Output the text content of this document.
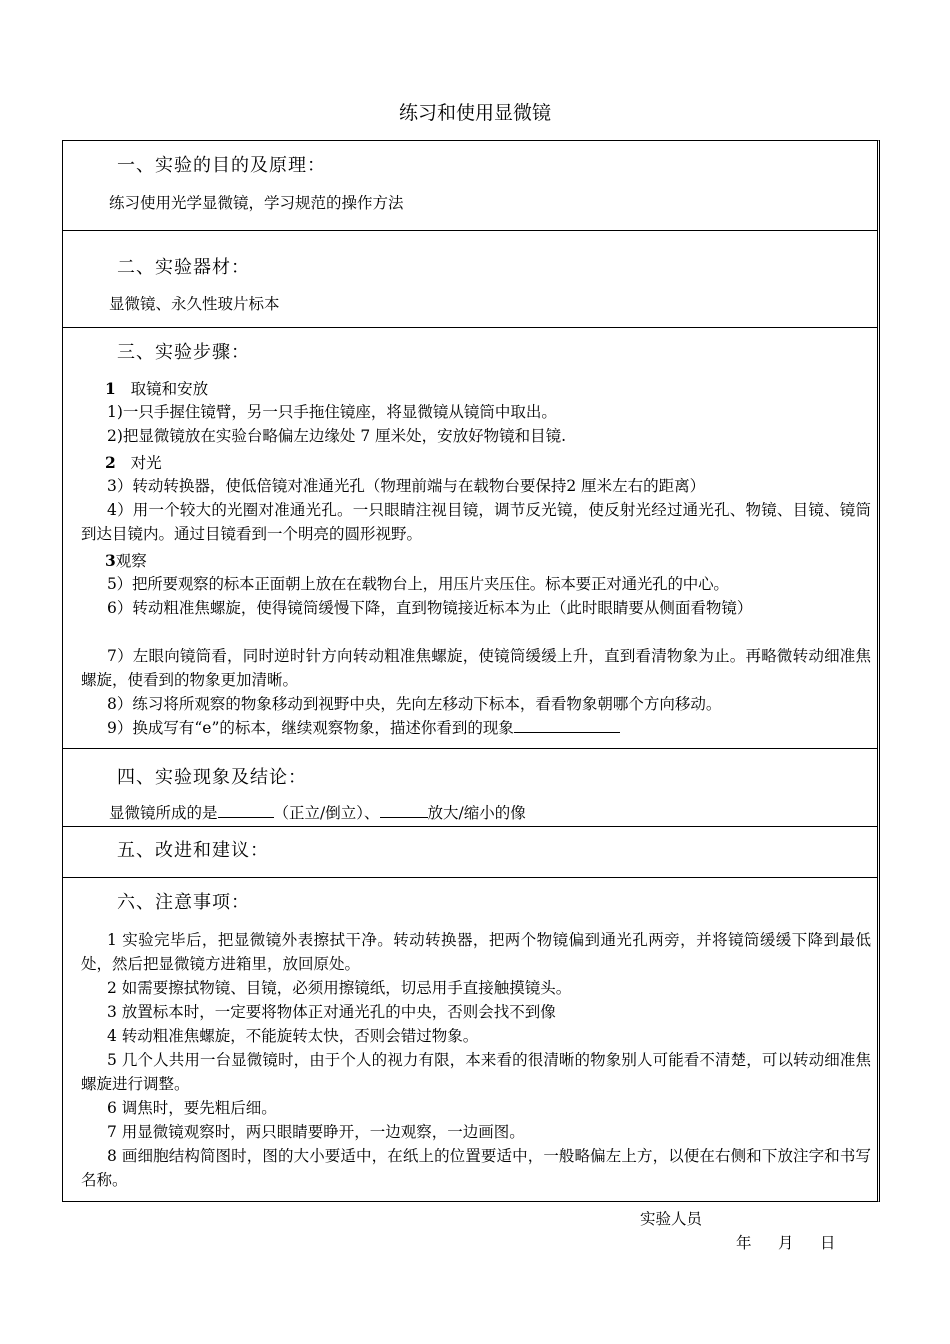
练习和使用显微镜
一、实验的目的及原理：
练习使用光学显微镜，学习规范的操作方法
二、实验器材：
显微镜、永久性玻片标本
三、实验步骤：
1 取镜和安放
1)一只手握住镜臂，另一只手拖住镜座，将显微镜从镜筒中取出。
2)把显微镜放在实验台略偏左边缘处 7 厘米处，安放好物镜和目镜.
2 对光
3）转动转换器，使低倍镜对准通光孔（物理前端与在载物台要保持2 厘米左右的距离）
4）用一个较大的光圈对准通光孔。一只眼睛注视目镜，调节反光镜，使反射光经过通光孔、物镜、目镜、镜筒到达目镜内。通过目镜看到一个明亮的圆形视野。
3观察
5）把所要观察的标本正面朝上放在在载物台上，用压片夹压住。标本要正对通光孔的中心。
6）转动粗准焦螺旋，使得镜筒缓慢下降，直到物镜接近标本为止（此时眼睛要从侧面看物镜）
7）左眼向镜筒看，同时逆时针方向转动粗准焦螺旋，使镜筒缓缓上升，直到看清物象为止。再略微转动细准焦螺旋，使看到的物象更加清晰。
8）练习将所观察的物象移动到视野中央，先向左移动下标本，看看物象朝哪个方向移动。
9）换成写有“e”的标本，继续观察物象，描述你看到的现象
四、实验现象及结论：
显微镜所成的是	（正立/倒立）、	放大/缩小的像
五、改进和建议：
六、注意事项：
1 实验完毕后，把显微镜外表擦拭干净。转动转换器，把两个物镜偏到通光孔两旁，并将镜筒缓缓下降到最低处，然后把显微镜方进箱里，放回原处。
2 如需要擦拭物镜、目镜，必须用擦镜纸，切忌用手直接触摸镜头。
3 放置标本时，一定要将物体正对通光孔的中央，否则会找不到像
4 转动粗准焦螺旋，不能旋转太快，否则会错过物象。
5 几个人共用一台显微镜时，由于个人的视力有限，本来看的很清晰的物象别人可能看不清楚，可以转动细准焦螺旋进行调整。
6 调焦时，要先粗后细。
7 用显微镜观察时，两只眼睛要睁开，一边观察，一边画图。
8 画细胞结构简图时，图的大小要适中，在纸上的位置要适中，一般略偏左上方，以便在右侧和下放注字和书写名称。
实验人员
年 月 日
